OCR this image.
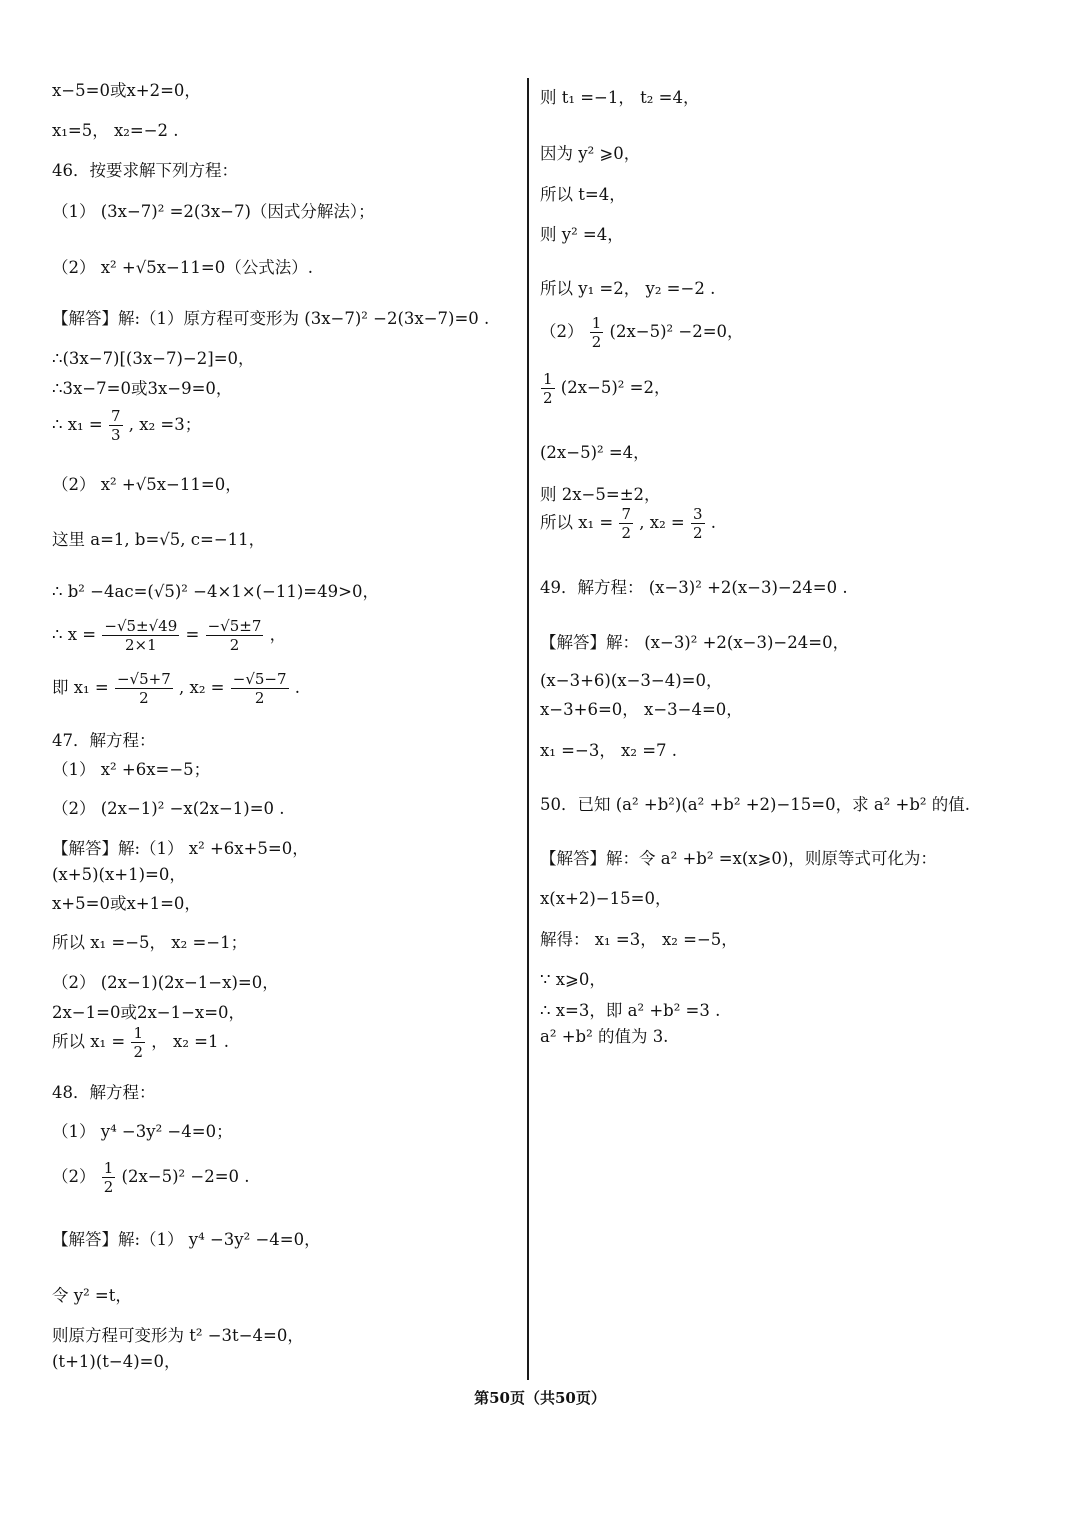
x−5=0或x+2=0，
x₁=5， x₂=−2 .
46．按要求解下列方程：
（1） (3x−7)² =2(3x−7)（因式分解法）；
（2） x² +√5x−11=0（公式法）.
【解答】解:（1）原方程可变形为 (3x−7)² −2(3x−7)=0 .
∴(3x−7)[(3x−7)−2]=0，
∴3x−7=0或3x−9=0，
∴ $x_1 = \frac{7}{3}$ , x₂ =3；
（2） x² +√5x−11=0，
这里 a=1, b=√5, c=−11，
∴ b² −4ac=(√5)² −4×1×(−11)=49>0，
∴ $x = \frac{-√5\pm√49}{2\times 1} = \frac{-√5\pm 7}{2}$ ，
即 $x_1 = \frac{-√5+7}{2}$ , $x_2 = \frac{-√5-7}{2}$ .
47．解方程：
（1） x² +6x=−5；
（2） (2x−1)² −x(2x−1)=0 .
【解答】解:（1） x² +6x+5=0，
(x+5)(x+1)=0，
x+5=0或x+1=0，
所以 x₁ =−5， x₂ =−1；
（2） (2x−1)(2x−1−x)=0，
2x−1=0或2x−1−x=0，
所以 $x_1 = \frac{1}{2}$ ， x₂ =1 .
48．解方程：
（1） y⁴ −3y² −4=0；
$(2) \frac{1}{2} (2x-5)^2 -2=0$ .
【解答】解:（1） y⁴ −3y² −4=0，
令 y² =t，
则原方程可变形为 t² −3t−4=0，
(t+1)(t−4)=0，
则 t₁ =−1， t₂ =4，
因为 y² ⩾0，
所以 t=4，
则 y² =4，
所以 y₁ =2， y₂ =−2 .
$(2) \frac{1}{2} (2x-5)^2 -2=0$，
$\frac{1}{2} (2x-5)^2 =2$，
(2x−5)² =4，
则 2x−5=±2，
所以 $x_1 = \frac{7}{2}$ , $x_2 = \frac{3}{2}$ .
49．解方程： (x−3)² +2(x−3)−24=0 .
【解答】解： (x−3)² +2(x−3)−24=0，
(x−3+6)(x−3−4)=0，
x−3+6=0， x−3−4=0，
x₁ =−3， x₂ =7 .
50．已知 (a² +b²)(a² +b² +2)−15=0，求 a² +b² 的值.
【解答】解：令 a² +b² =x(x⩾0)，则原等式可化为：
x(x+2)−15=0，
解得： x₁ =3， x₂ =−5，
∵ x⩾0，
∴ x=3，即 a² +b² =3 .
a² +b² 的值为 3.
第50页（共50页）
